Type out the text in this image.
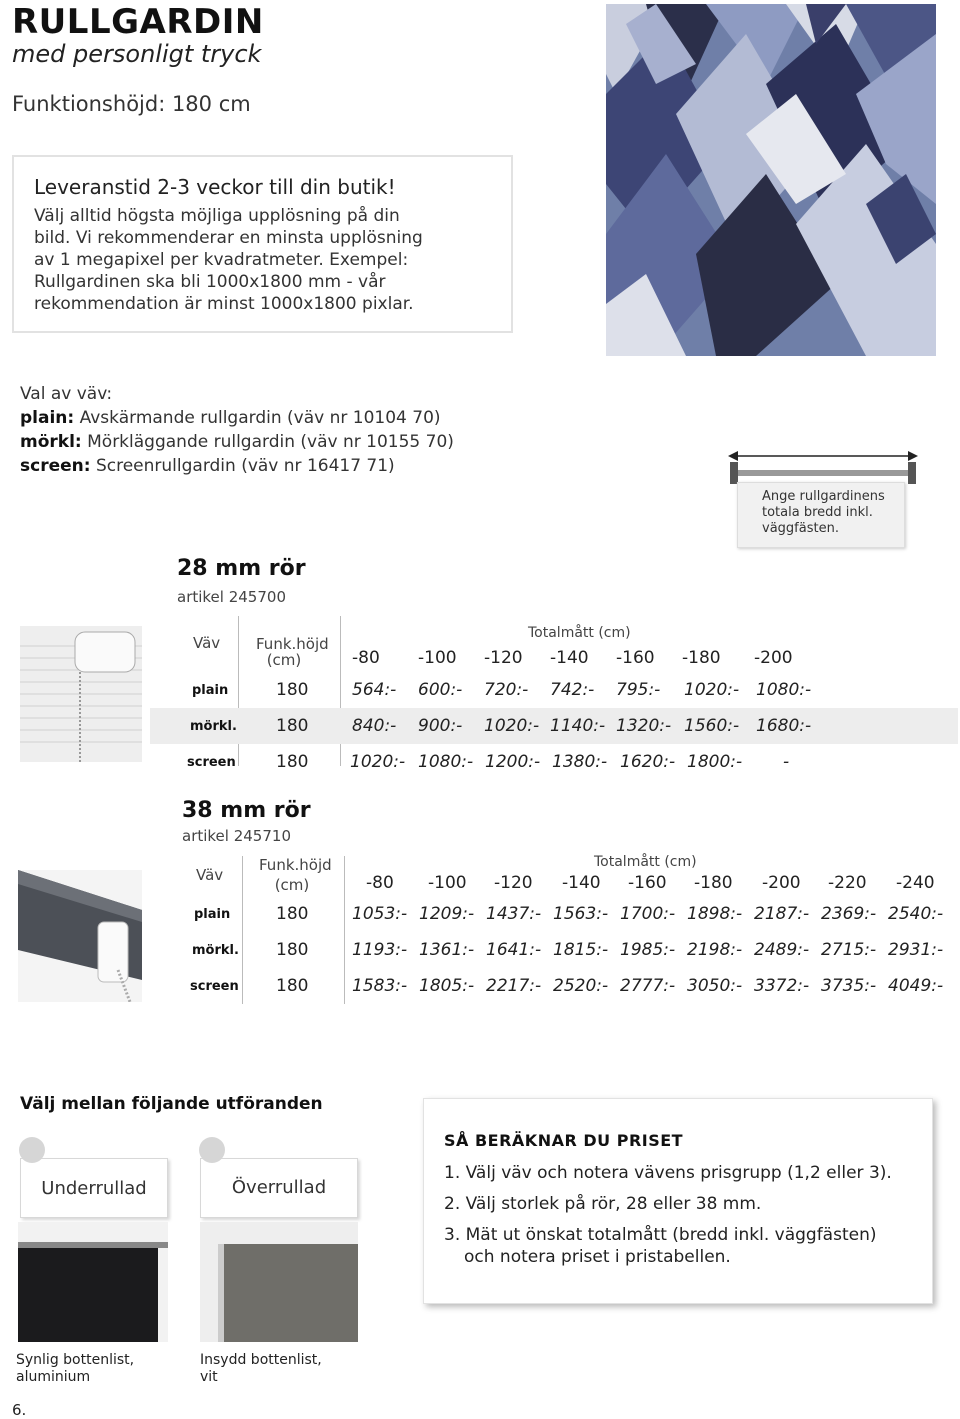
RULLGARDIN
med personligt tryck
Funktionshöjd: 180 cm
Leveranstid 2-3 veckor till din butik!
Välj alltid högsta möjliga upplösning på din
bild. Vi rekommenderar en minsta upplösning
av 1 megapixel per kvadratmeter. Exempel:
Rullgardinen ska bli 1000x1800 mm - vår
rekommendation är minst 1000x1800 pixlar.
Val av väv:
plain: Avskärmande rullgardin (väv nr 10104 70)
mörkl: Mörkläggande rullgardin (väv nr 10155 70)
screen: Screenrullgardin (väv nr 16417 71)
Ange rullgardinens
totala bredd inkl.
väggfästen.
28 mm rör
artikel 245700
Väv Funk.höjd
(cm)
Totalmått (cm)
-80 -100 -120 -140 -160 -180 -200
plain	180	564:- 600:- 720:- 742:- 795:- 1020:- 1080:-
mörkl. 180	840:- 900:- 1020:- 1140:- 1320:- 1560:- 1680:-
screen 180 1020:- 1080:- 1200:- 1380:- 1620:- 1800:- -
38 mm rör
artikel 245710
Väv
Funk.höjd
(cm)
Totalmått (cm)
-80 -100 -120 -140 -160 -180 -200 -220 -240
plain	180	1053:- 1209:- 1437:- 1563:- 1700:- 1898:- 2187:- 2369:- 2540:-
mörkl. 180	1193:- 1361:- 1641:- 1815:- 1985:- 2198:- 2489:- 2715:- 2931:-
screen 180	1583:- 1805:- 2217:- 2520:- 2777:- 3050:- 3372:- 3735:- 4049:-
Välj mellan följande utföranden
Underrullad	Överrullad
Synlig bottenlist,
aluminium
Insydd bottenlist,
vit
SÅ BERÄKNAR DU PRISET
1. Välj väv och notera vävens prisgrupp (1,2 eller 3).
2. Välj storlek på rör, 28 eller 38 mm.
3. Mät ut önskat totalmått (bredd inkl. väggfästen)
och notera priset i pristabellen.
6.
